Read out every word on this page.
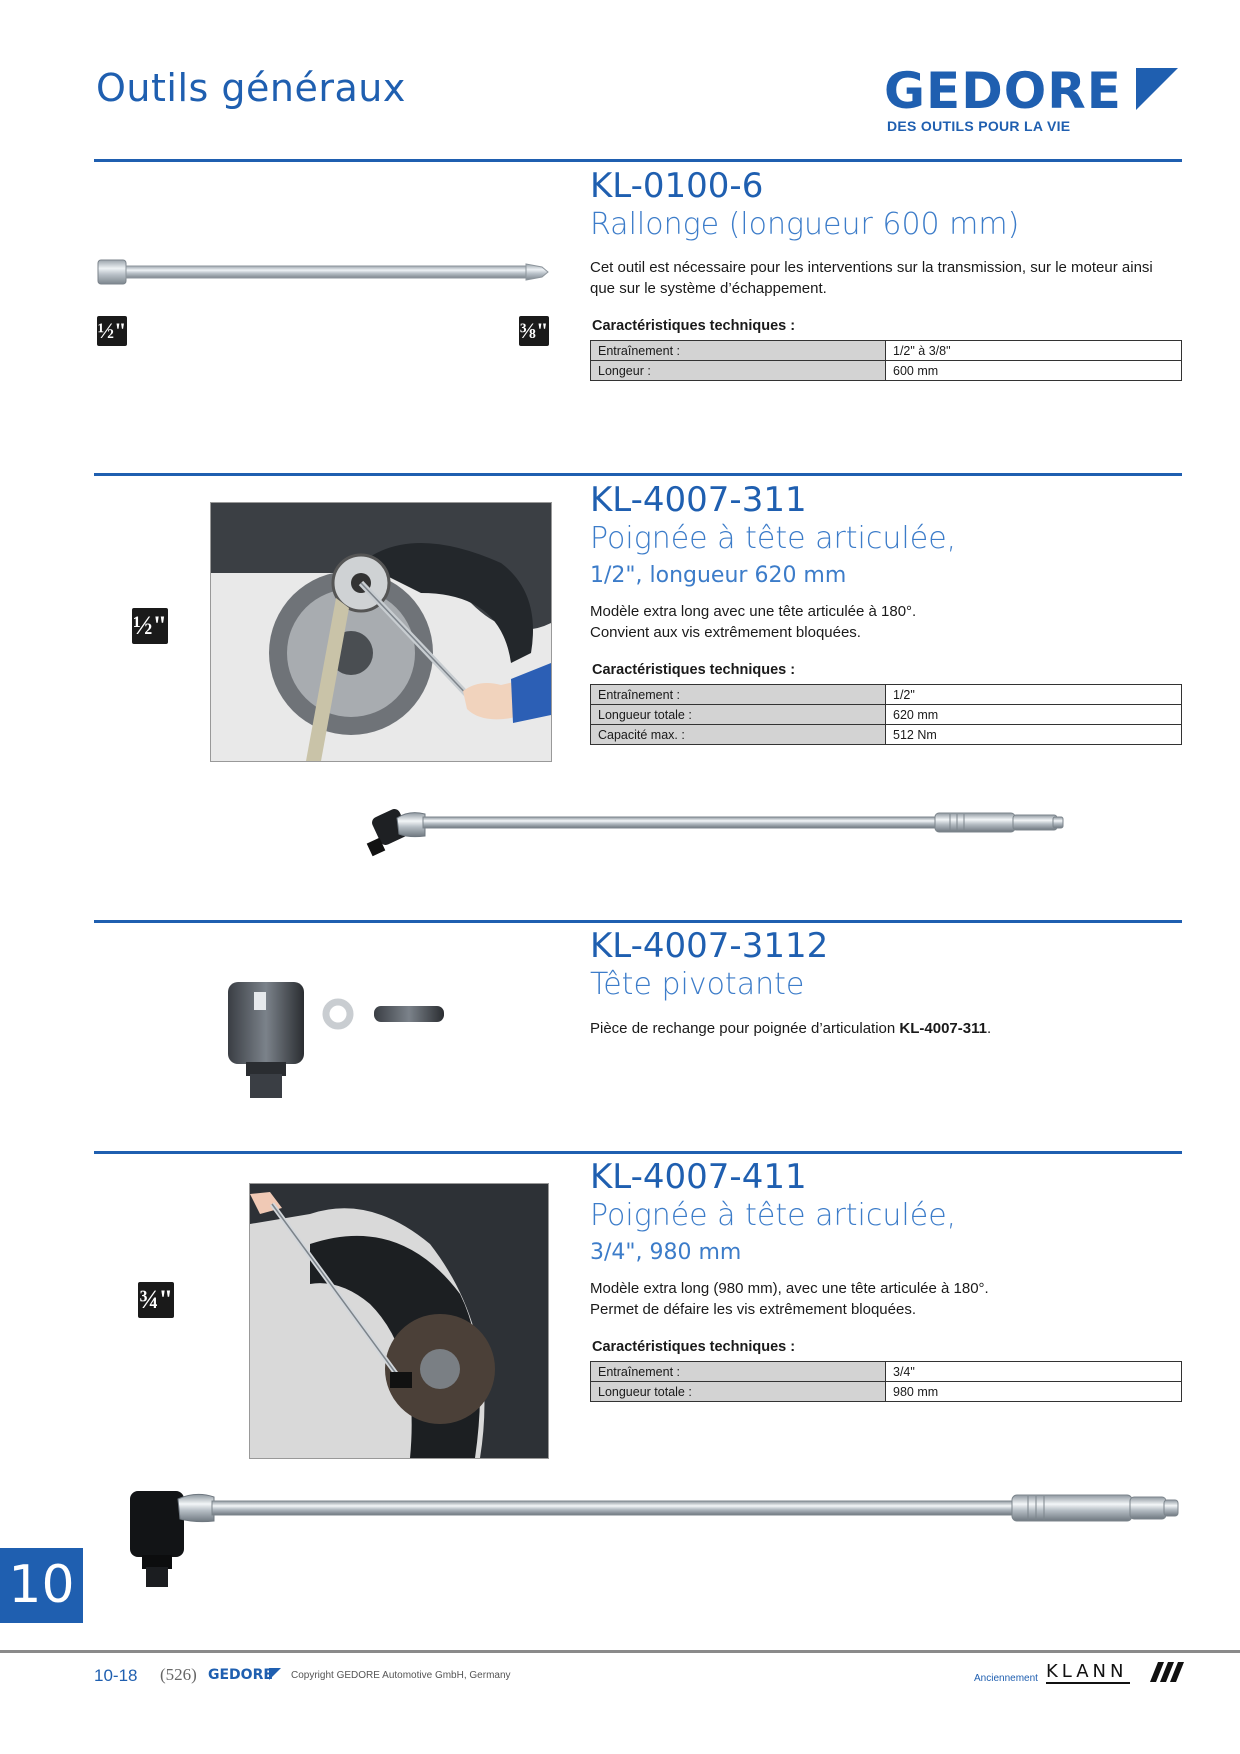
Outils généraux	GEDORE
DES OUTILS POUR LA VIE
KL-0100-6
Rallonge (longueur 600 mm)
Cet outil est nécessaire pour les interventions sur la transmission, sur le moteur ainsi
que sur le système d’échappement.
Caractéristiques techniques :
Entraînement :	1/2" à 3/8"
Longeur :	600 mm
½"	⅜"
KL-4007-311
Poignée à tête articulée,
1/2", longueur 620 mm
Modèle extra long avec une tête articulée à 180°.
Convient aux vis extrêmement bloquées.
Caractéristiques techniques :
Entraînement :	1/2"
Longueur totale :	620 mm
Capacité max. :	512 Nm
½"
KL-4007-3112
Tête pivotante
Pièce de rechange pour poignée d’articulation KL-4007-311.
KL-4007-411
Poignée à tête articulée,
3/4", 980 mm
Modèle extra long (980 mm), avec une tête articulée à 180°.
Permet de défaire les vis extrêmement bloquées.
Caractéristiques techniques :
Entraînement :	3/4"
Longueur totale :	980 mm
¾"
10
10-18 (526) GEDORE Copyright GEDORE Automotive GmbH, Germany	Anciennement KLANN
